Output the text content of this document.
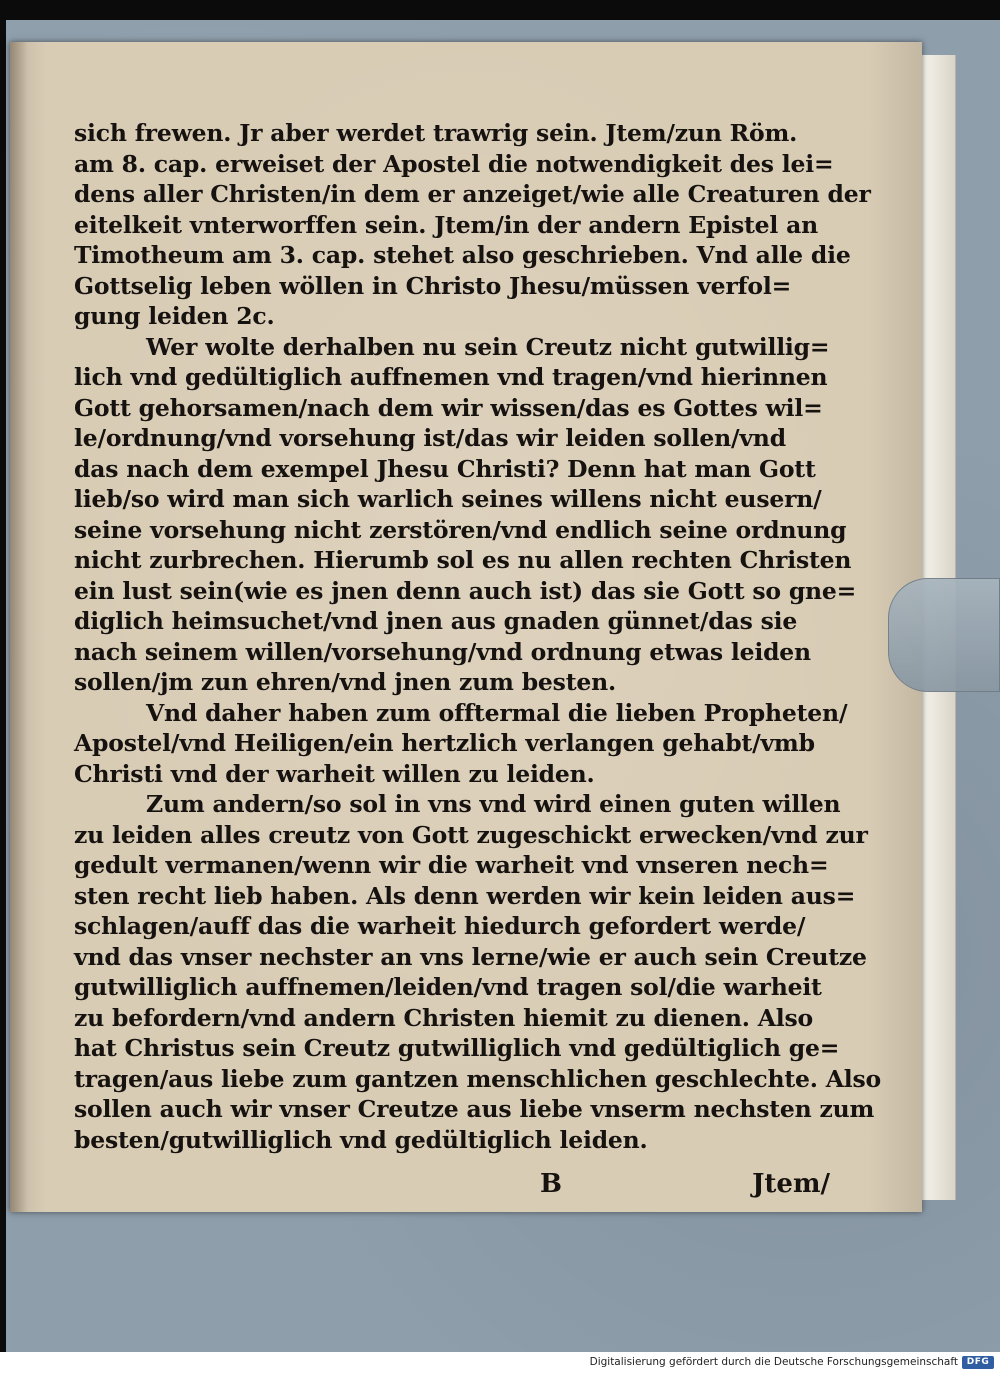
sich frewen. Jr aber werdet trawrig sein. Jtem/zun Röm.
am 8. cap. erweiset der Apostel die notwendigkeit des lei=
dens aller Christen/in dem er anzeiget/wie alle Creaturen der
eitelkeit vnterworffen sein. Jtem/in der andern Epistel an
Timotheum am 3. cap. stehet also geschrieben. Vnd alle die
Gottselig leben wöllen in Christo Jhesu/müssen verfol=
gung leiden 2c.
Wer wolte derhalben nu sein Creutz nicht gutwillig=
lich vnd gedültiglich auffnemen vnd tragen/vnd hierinnen
Gott gehorsamen/nach dem wir wissen/das es Gottes wil=
le/ordnung/vnd vorsehung ist/das wir leiden sollen/vnd
das nach dem exempel Jhesu Christi? Denn hat man Gott
lieb/so wird man sich warlich seines willens nicht eusern/
seine vorsehung nicht zerstören/vnd endlich seine ordnung
nicht zurbrechen. Hierumb sol es nu allen rechten Christen
ein lust sein(wie es jnen denn auch ist) das sie Gott so gne=
diglich heimsuchet/vnd jnen aus gnaden günnet/das sie
nach seinem willen/vorsehung/vnd ordnung etwas leiden
sollen/jm zun ehren/vnd jnen zum besten.
Vnd daher haben zum offtermal die lieben Propheten/
Apostel/vnd Heiligen/ein hertzlich verlangen gehabt/vmb
Christi vnd der warheit willen zu leiden.
Zum andern/so sol in vns vnd wird einen guten willen
zu leiden alles creutz von Gott zugeschickt erwecken/vnd zur
gedult vermanen/wenn wir die warheit vnd vnseren nech=
sten recht lieb haben. Als denn werden wir kein leiden aus=
schlagen/auff das die warheit hiedurch gefordert werde/
vnd das vnser nechster an vns lerne/wie er auch sein Creutze
gutwilliglich auffnemen/leiden/vnd tragen sol/die warheit
zu befordern/vnd andern Christen hiemit zu dienen. Also
hat Christus sein Creutz gutwilliglich vnd gedültiglich ge=
tragen/aus liebe zum gantzen menschlichen geschlechte. Also
sollen auch wir vnser Creutze aus liebe vnserm nechsten zum
besten/gutwilliglich vnd gedültiglich leiden.
B	Jtem/
Digitalisierung gefördert durch die Deutsche Forschungsgemeinschaft DFG
